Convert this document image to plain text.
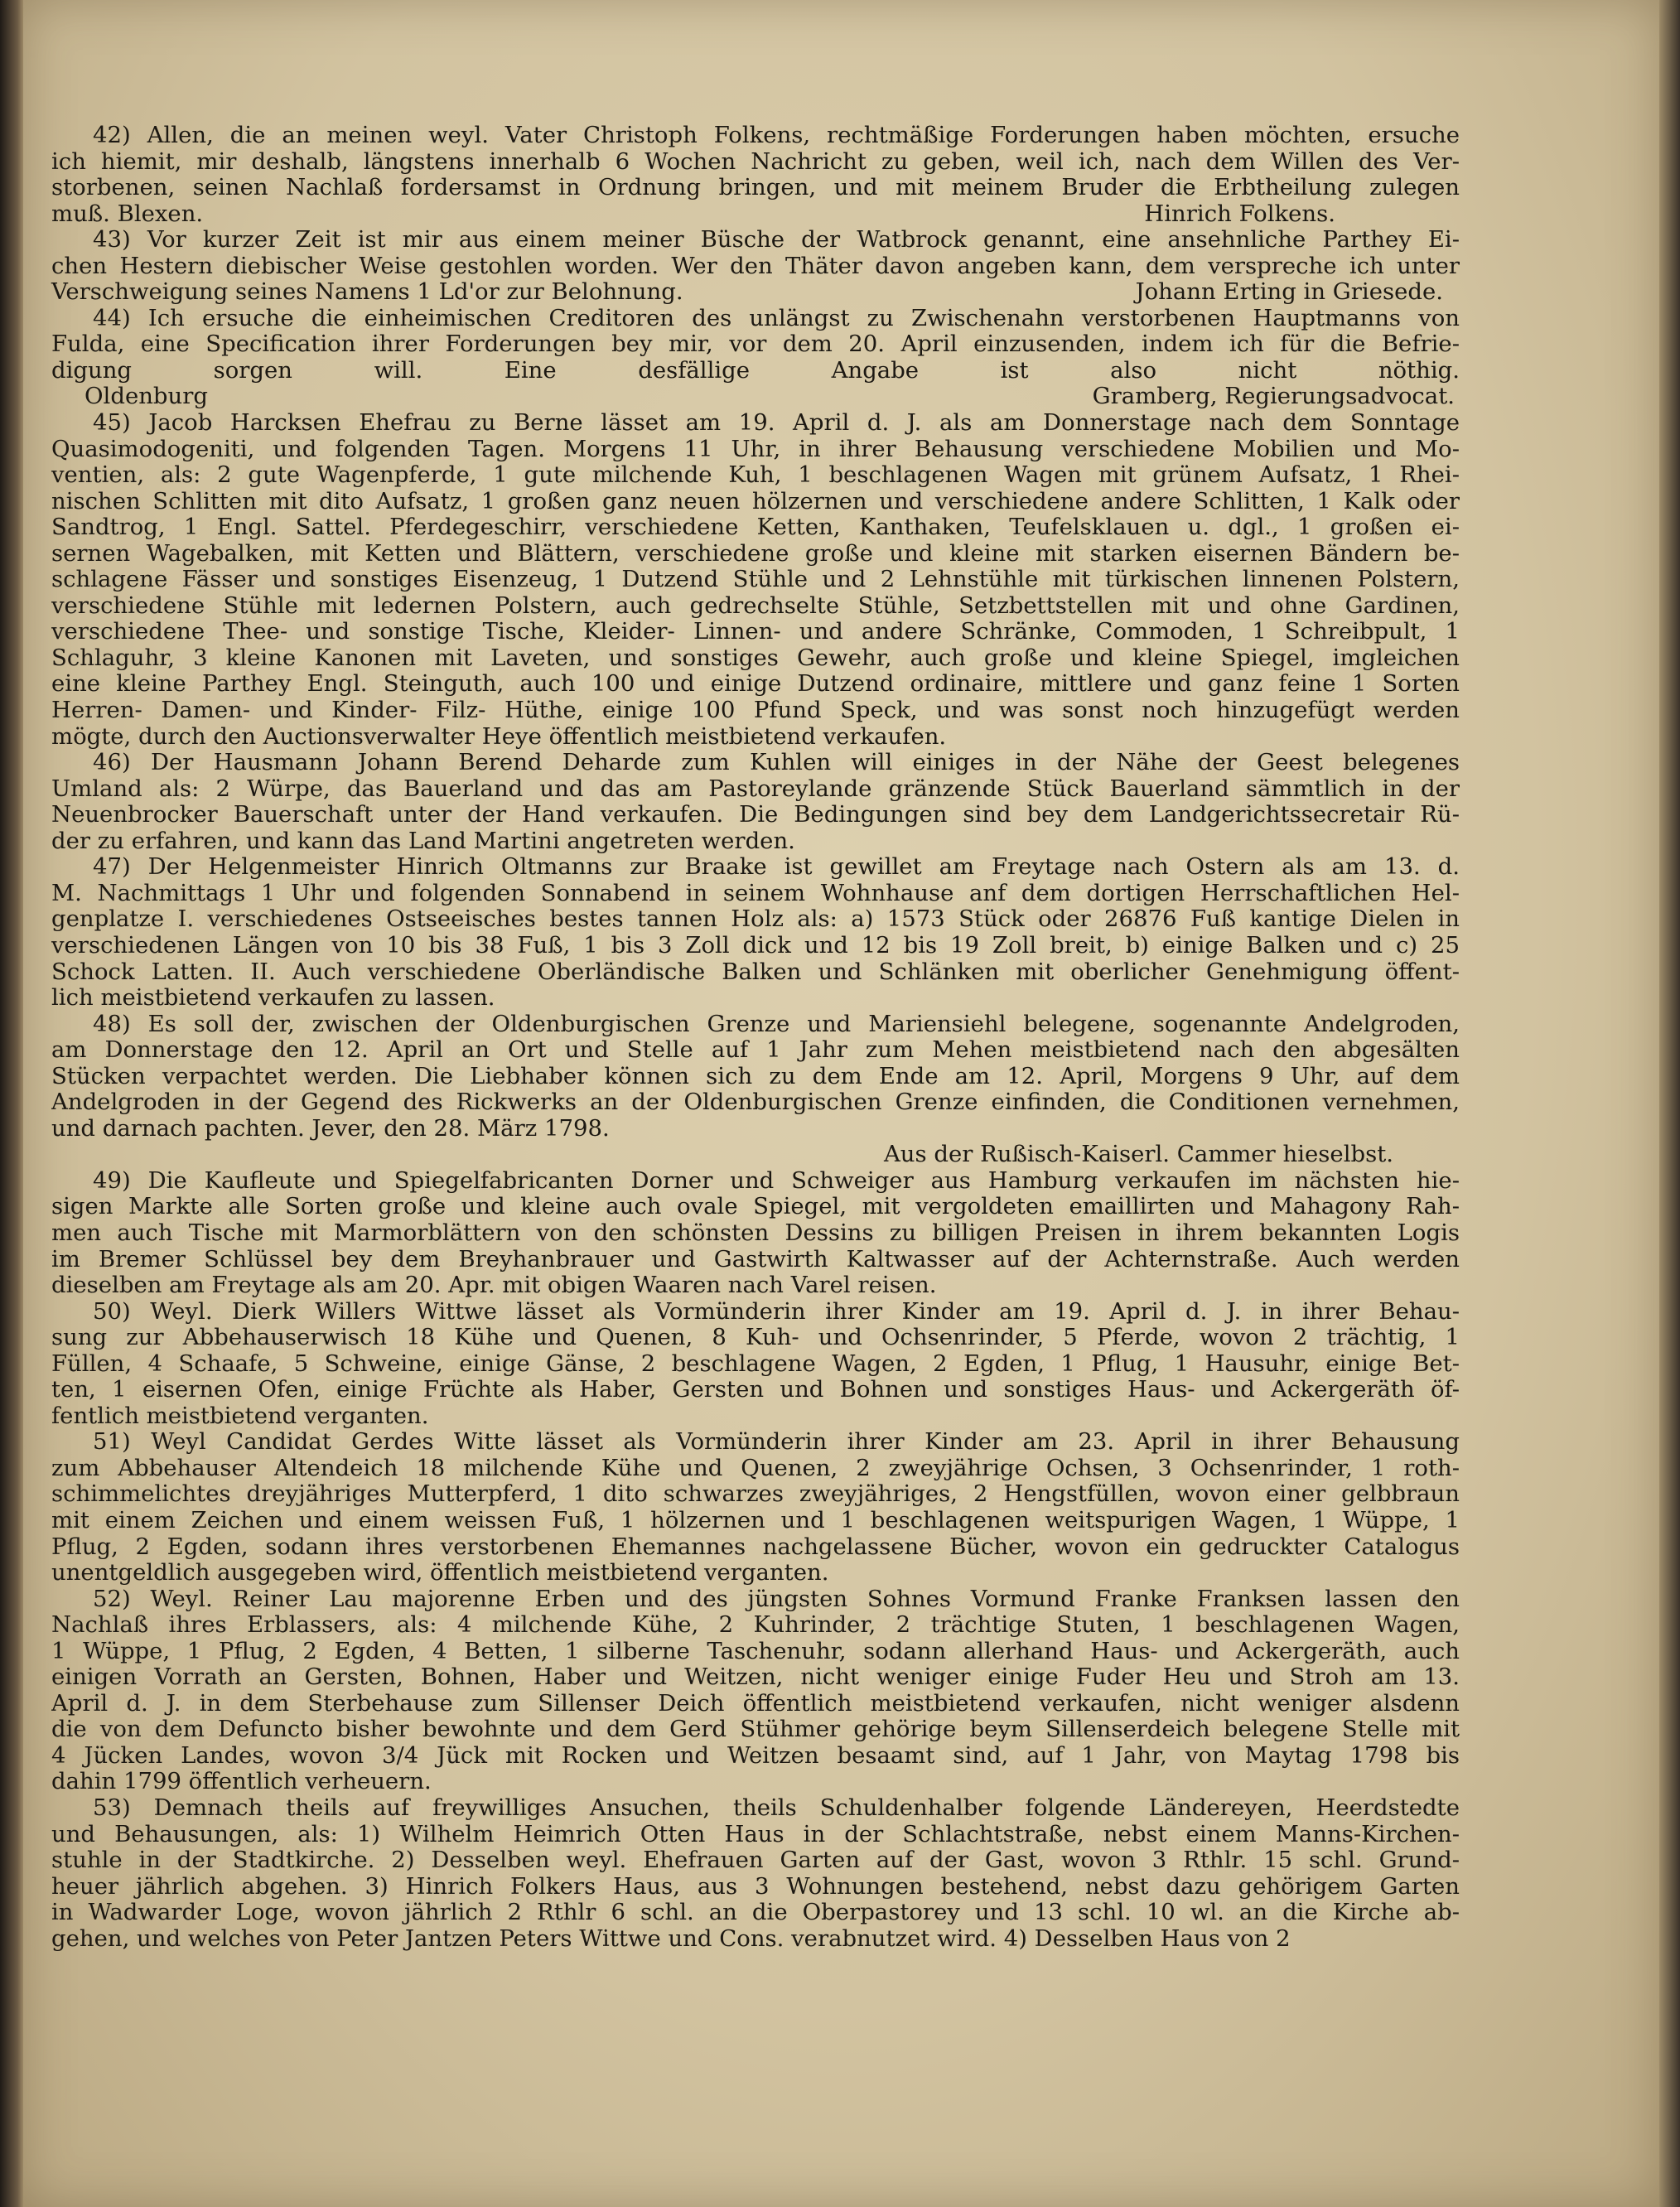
42) Allen, die an meinen weyl. Vater Christoph Folkens, rechtmäßige Forderungen haben möchten, ersuche
ich hiemit, mir deshalb, längstens innerhalb 6 Wochen Nachricht zu geben, weil ich, nach dem Willen des Ver-
storbenen, seinen Nachlaß fordersamst in Ordnung bringen, und mit meinem Bruder die Erbtheilung zulegen
muß. Blexen.	Hinrich Folkens.
43) Vor kurzer Zeit ist mir aus einem meiner Büsche der Watbrock genannt, eine ansehnliche Parthey Ei-
chen Hestern diebischer Weise gestohlen worden. Wer den Thäter davon angeben kann, dem verspreche ich unter
Verschweigung seines Namens 1 Ld'or zur Belohnung.	Johann Erting in Griesede.
44) Ich ersuche die einheimischen Creditoren des unlängst zu Zwischenahn verstorbenen Hauptmanns von
Fulda, eine Specification ihrer Forderungen bey mir, vor dem 20. April einzusenden, indem ich für die Befrie-
digung sorgen will. Eine desfällige Angabe ist also nicht nöthig.
Oldenburg	Gramberg, Regierungsadvocat.
45) Jacob Harcksen Ehefrau zu Berne lässet am 19. April d. J. als am Donnerstage nach dem Sonntage
Quasimodogeniti, und folgenden Tagen. Morgens 11 Uhr, in ihrer Behausung verschiedene Mobilien und Mo-
ventien, als: 2 gute Wagenpferde, 1 gute milchende Kuh, 1 beschlagenen Wagen mit grünem Aufsatz, 1 Rhei-
nischen Schlitten mit dito Aufsatz, 1 großen ganz neuen hölzernen und verschiedene andere Schlitten, 1 Kalk oder
Sandtrog, 1 Engl. Sattel. Pferdegeschirr, verschiedene Ketten, Kanthaken, Teufelsklauen u. dgl., 1 großen ei-
sernen Wagebalken, mit Ketten und Blättern, verschiedene große und kleine mit starken eisernen Bändern be-
schlagene Fässer und sonstiges Eisenzeug, 1 Dutzend Stühle und 2 Lehnstühle mit türkischen linnenen Polstern,
verschiedene Stühle mit ledernen Polstern, auch gedrechselte Stühle, Setzbettstellen mit und ohne Gardinen,
verschiedene Thee- und sonstige Tische, Kleider- Linnen- und andere Schränke, Commoden, 1 Schreibpult, 1
Schlaguhr, 3 kleine Kanonen mit Laveten, und sonstiges Gewehr, auch große und kleine Spiegel, imgleichen
eine kleine Parthey Engl. Steinguth, auch 100 und einige Dutzend ordinaire, mittlere und ganz feine 1 Sorten
Herren- Damen- und Kinder- Filz- Hüthe, einige 100 Pfund Speck, und was sonst noch hinzugefügt werden
mögte, durch den Auctionsverwalter Heye öffentlich meistbietend verkaufen.
46) Der Hausmann Johann Berend Deharde zum Kuhlen will einiges in der Nähe der Geest belegenes
Umland als: 2 Würpe, das Bauerland und das am Pastoreylande gränzende Stück Bauerland sämmtlich in der
Neuenbrocker Bauerschaft unter der Hand verkaufen. Die Bedingungen sind bey dem Landgerichtssecretair Rü-
der zu erfahren, und kann das Land Martini angetreten werden.
47) Der Helgenmeister Hinrich Oltmanns zur Braake ist gewillet am Freytage nach Ostern als am 13. d.
M. Nachmittags 1 Uhr und folgenden Sonnabend in seinem Wohnhause anf dem dortigen Herrschaftlichen Hel-
genplatze I. verschiedenes Ostseeisches bestes tannen Holz als: a) 1573 Stück oder 26876 Fuß kantige Dielen in
verschiedenen Längen von 10 bis 38 Fuß, 1 bis 3 Zoll dick und 12 bis 19 Zoll breit, b) einige Balken und c) 25
Schock Latten. II. Auch verschiedene Oberländische Balken und Schlänken mit oberlicher Genehmigung öffent-
lich meistbietend verkaufen zu lassen.
48) Es soll der, zwischen der Oldenburgischen Grenze und Mariensiehl belegene, sogenannte Andelgroden,
am Donnerstage den 12. April an Ort und Stelle auf 1 Jahr zum Mehen meistbietend nach den abgesälten
Stücken verpachtet werden. Die Liebhaber können sich zu dem Ende am 12. April, Morgens 9 Uhr, auf dem
Andelgroden in der Gegend des Rickwerks an der Oldenburgischen Grenze einfinden, die Conditionen vernehmen,
und darnach pachten. Jever, den 28. März 1798.
Aus der Rußisch-Kaiserl. Cammer hieselbst.
49) Die Kaufleute und Spiegelfabricanten Dorner und Schweiger aus Hamburg verkaufen im nächsten hie-
sigen Markte alle Sorten große und kleine auch ovale Spiegel, mit vergoldeten emaillirten und Mahagony Rah-
men auch Tische mit Marmorblättern von den schönsten Dessins zu billigen Preisen in ihrem bekannten Logis
im Bremer Schlüssel bey dem Breyhanbrauer und Gastwirth Kaltwasser auf der Achternstraße. Auch werden
dieselben am Freytage als am 20. Apr. mit obigen Waaren nach Varel reisen.
50) Weyl. Dierk Willers Wittwe lässet als Vormünderin ihrer Kinder am 19. April d. J. in ihrer Behau-
sung zur Abbehauserwisch 18 Kühe und Quenen, 8 Kuh- und Ochsenrinder, 5 Pferde, wovon 2 trächtig, 1
Füllen, 4 Schaafe, 5 Schweine, einige Gänse, 2 beschlagene Wagen, 2 Egden, 1 Pflug, 1 Hausuhr, einige Bet-
ten, 1 eisernen Ofen, einige Früchte als Haber, Gersten und Bohnen und sonstiges Haus- und Ackergeräth öf-
fentlich meistbietend verganten.
51) Weyl Candidat Gerdes Witte lässet als Vormünderin ihrer Kinder am 23. April in ihrer Behausung
zum Abbehauser Altendeich 18 milchende Kühe und Quenen, 2 zweyjährige Ochsen, 3 Ochsenrinder, 1 roth-
schimmelichtes dreyjähriges Mutterpferd, 1 dito schwarzes zweyjähriges, 2 Hengstfüllen, wovon einer gelbbraun
mit einem Zeichen und einem weissen Fuß, 1 hölzernen und 1 beschlagenen weitspurigen Wagen, 1 Wüppe, 1
Pflug, 2 Egden, sodann ihres verstorbenen Ehemannes nachgelassene Bücher, wovon ein gedruckter Catalogus
unentgeldlich ausgegeben wird, öffentlich meistbietend verganten.
52) Weyl. Reiner Lau majorenne Erben und des jüngsten Sohnes Vormund Franke Franksen lassen den
Nachlaß ihres Erblassers, als: 4 milchende Kühe, 2 Kuhrinder, 2 trächtige Stuten, 1 beschlagenen Wagen,
1 Wüppe, 1 Pflug, 2 Egden, 4 Betten, 1 silberne Taschenuhr, sodann allerhand Haus- und Ackergeräth, auch
einigen Vorrath an Gersten, Bohnen, Haber und Weitzen, nicht weniger einige Fuder Heu und Stroh am 13.
April d. J. in dem Sterbehause zum Sillenser Deich öffentlich meistbietend verkaufen, nicht weniger alsdenn
die von dem Defuncto bisher bewohnte und dem Gerd Stühmer gehörige beym Sillenserdeich belegene Stelle mit
4 Jücken Landes, wovon 3/4 Jück mit Rocken und Weitzen besaamt sind, auf 1 Jahr, von Maytag 1798 bis
dahin 1799 öffentlich verheuern.
53) Demnach theils auf freywilliges Ansuchen, theils Schuldenhalber folgende Ländereyen, Heerdstedte
und Behausungen, als: 1) Wilhelm Heimrich Otten Haus in der Schlachtstraße, nebst einem Manns-Kirchen-
stuhle in der Stadtkirche. 2) Desselben weyl. Ehefrauen Garten auf der Gast, wovon 3 Rthlr. 15 schl. Grund-
heuer jährlich abgehen. 3) Hinrich Folkers Haus, aus 3 Wohnungen bestehend, nebst dazu gehörigem Garten
in Wadwarder Loge, wovon jährlich 2 Rthlr 6 schl. an die Oberpastorey und 13 schl. 10 wl. an die Kirche ab-
gehen, und welches von Peter Jantzen Peters Wittwe und Cons. verabnutzet wird. 4) Desselben Haus von 2
